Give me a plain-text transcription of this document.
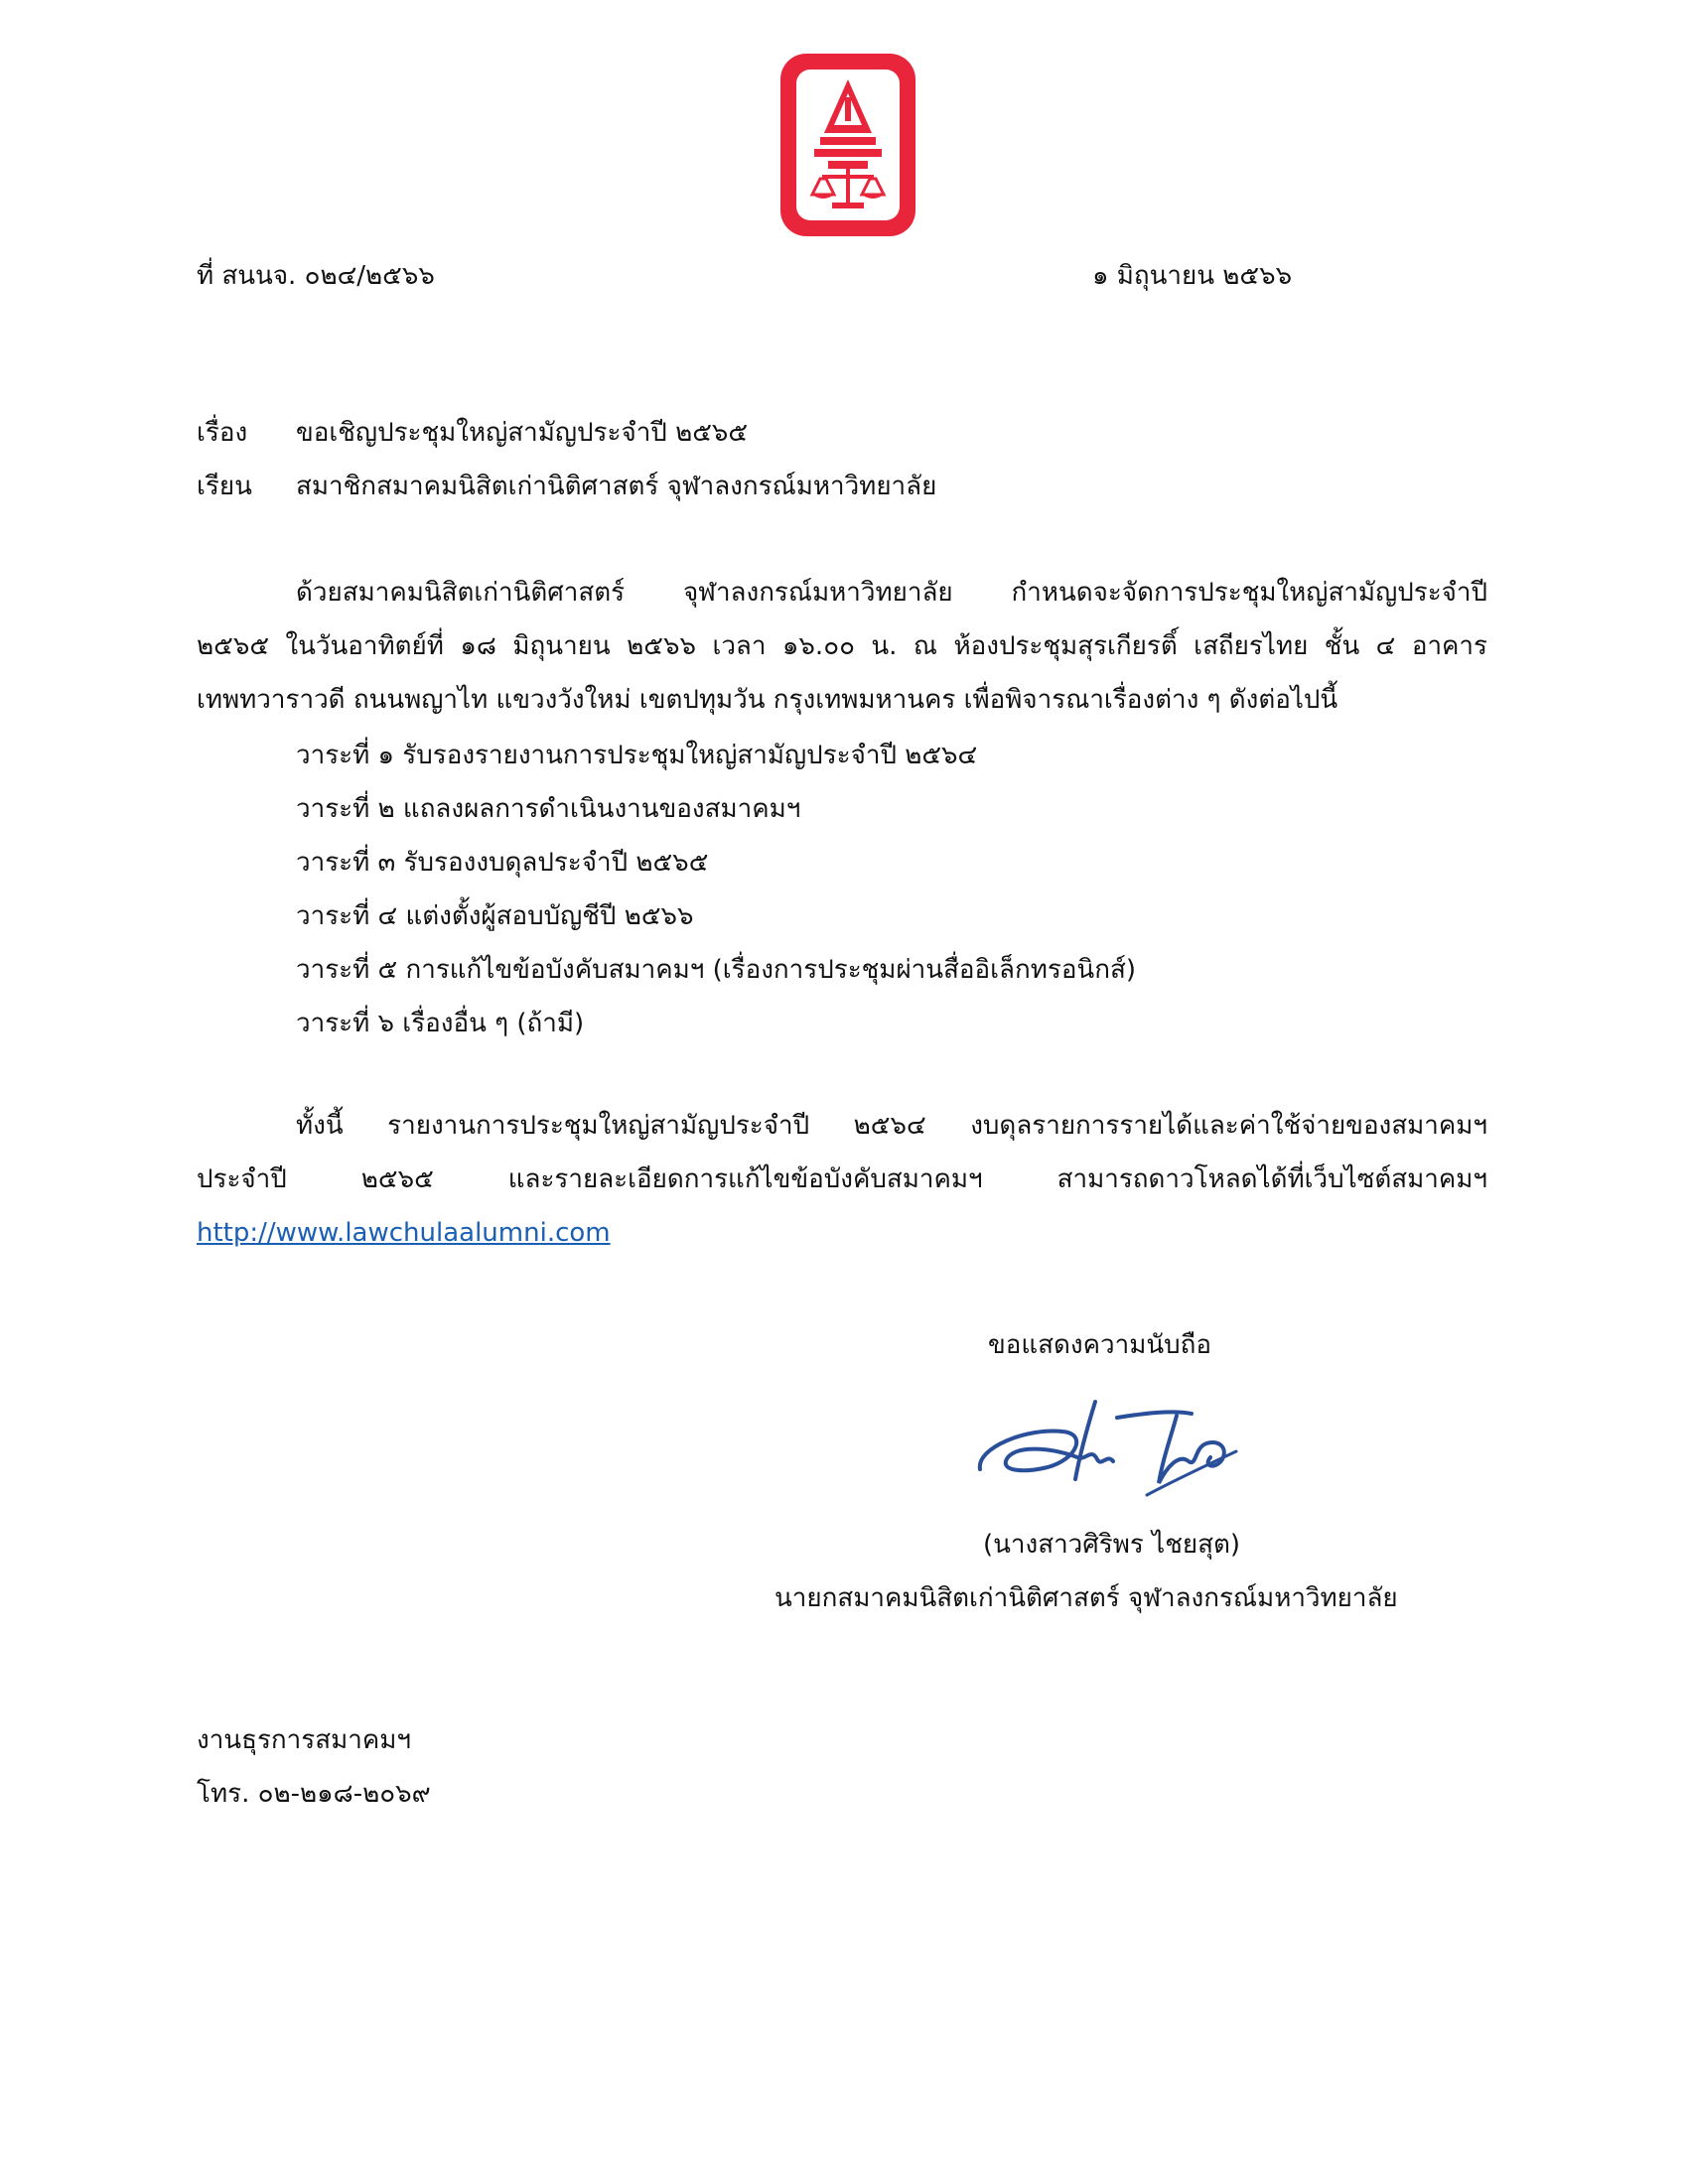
ที่ สนนจ. ๐๒๔/๒๕๖๖	๑ มิถุนายน ๒๕๖๖
เรื่อง ขอเชิญประชุมใหญ่สามัญประจำปี ๒๕๖๕
เรียน สมาชิกสมาคมนิสิตเก่านิติศาสตร์ จุฬาลงกรณ์มหาวิทยาลัย
ด้วยสมาคมนิสิตเก่านิติศาสตร์ จุฬาลงกรณ์มหาวิทยาลัย กำหนดจะจัดการประชุมใหญ่สามัญประจำปี
๒๕๖๕ ในวันอาทิตย์ที่ ๑๘ มิถุนายน ๒๕๖๖ เวลา ๑๖.๐๐ น. ณ ห้องประชุมสุรเกียรติ์ เสถียรไทย ชั้น ๔ อาคาร
เทพทวาราวดี ถนนพญาไท แขวงวังใหม่ เขตปทุมวัน กรุงเทพมหานคร เพื่อพิจารณาเรื่องต่าง ๆ ดังต่อไปนี้
วาระที่ ๑ รับรองรายงานการประชุมใหญ่สามัญประจำปี ๒๕๖๔
วาระที่ ๒ แถลงผลการดำเนินงานของสมาคมฯ
วาระที่ ๓ รับรองงบดุลประจำปี ๒๕๖๕
วาระที่ ๔ แต่งตั้งผู้สอบบัญชีปี ๒๕๖๖
วาระที่ ๕ การแก้ไขข้อบังคับสมาคมฯ (เรื่องการประชุมผ่านสื่ออิเล็กทรอนิกส์)
วาระที่ ๖ เรื่องอื่น ๆ (ถ้ามี)
ทั้งนี้ รายงานการประชุมใหญ่สามัญประจำปี ๒๕๖๔ งบดุลรายการรายได้และค่าใช้จ่ายของสมาคมฯ
ประจำปี ๒๕๖๕ และรายละเอียดการแก้ไขข้อบังคับสมาคมฯ สามารถดาวโหลดได้ที่เว็บไซต์สมาคมฯ
http://www.lawchulaalumni.com
ขอแสดงความนับถือ
(นางสาวศิริพร ไชยสุต)
นายกสมาคมนิสิตเก่านิติศาสตร์ จุฬาลงกรณ์มหาวิทยาลัย
งานธุรการสมาคมฯ
โทร. ๐๒-๒๑๘-๒๐๖๙
